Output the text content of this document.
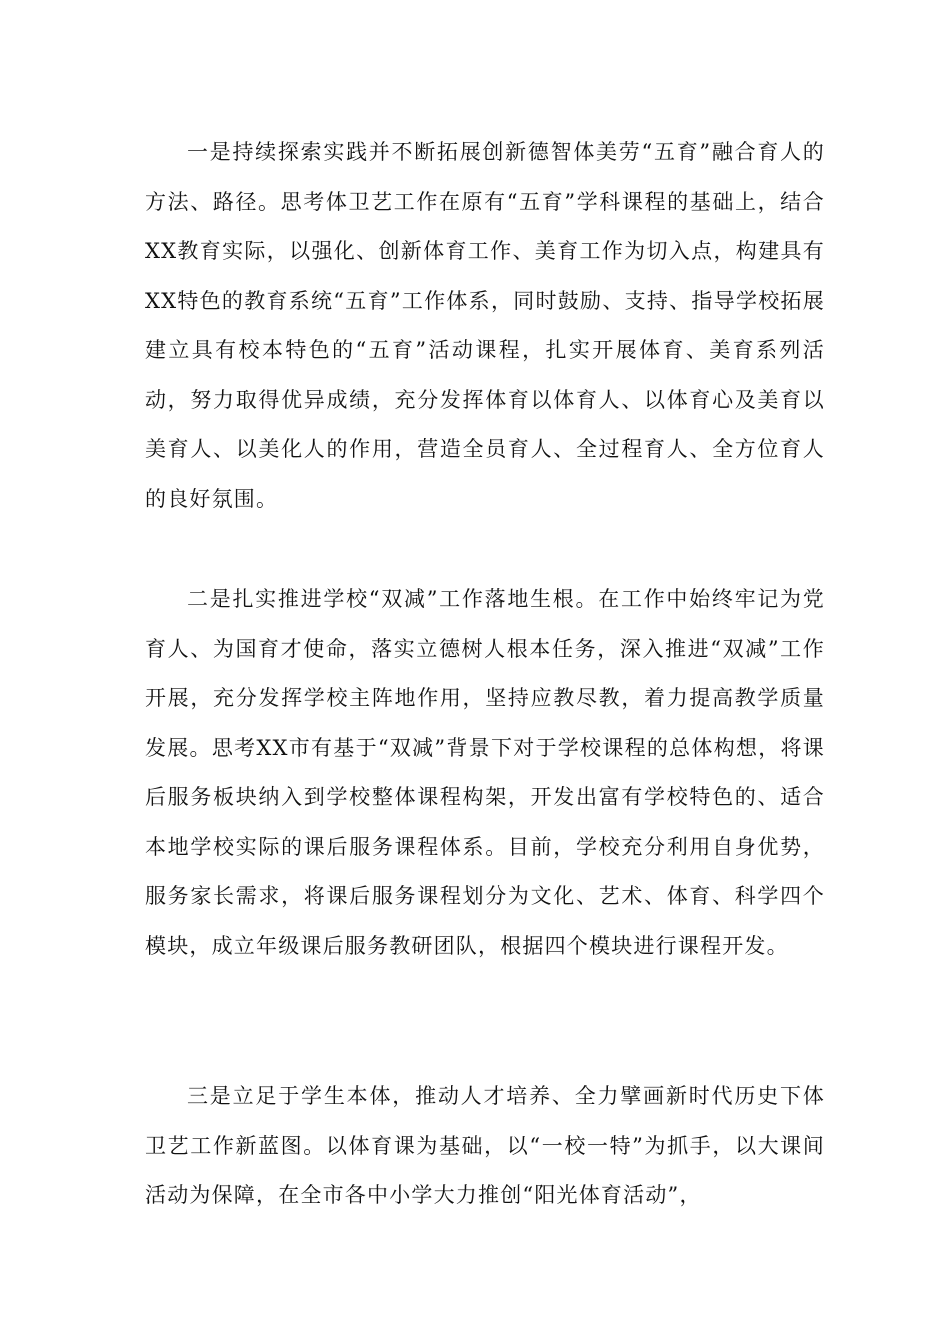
一是持续探索实践并不断拓展创新德智体美劳“五育”融合育人的方法、路径。思考体卫艺工作在原有“五育”学科课程的基础上，结合XX教育实际，以强化、创新体育工作、美育工作为切入点，构建具有XX特色的教育系统“五育”工作体系，同时鼓励、支持、指导学校拓展建立具有校本特色的“五育”活动课程，扎实开展体育、美育系列活动，努力取得优异成绩，充分发挥体育以体育人、以体育心及美育以美育人、以美化人的作用，营造全员育人、全过程育人、全方位育人的良好氛围。

二是扎实推进学校“双减”工作落地生根。在工作中始终牢记为党育人、为国育才使命，落实立德树人根本任务，深入推进“双减”工作开展，充分发挥学校主阵地作用，坚持应教尽教，着力提高教学质量发展。思考XX市有基于“双减”背景下对于学校课程的总体构想，将课后服务板块纳入到学校整体课程构架，开发出富有学校特色的、适合本地学校实际的课后服务课程体系。目前，学校充分利用自身优势，服务家长需求，将课后服务课程划分为文化、艺术、体育、科学四个模块，成立年级课后服务教研团队，根据四个模块进行课程开发。

三是立足于学生本体，推动人才培养、全力擘画新时代历史下体卫艺工作新蓝图。以体育课为基础，以“一校一特”为抓手，以大课间活动为保障，在全市各中小学大力推创“阳光体育活动”，
